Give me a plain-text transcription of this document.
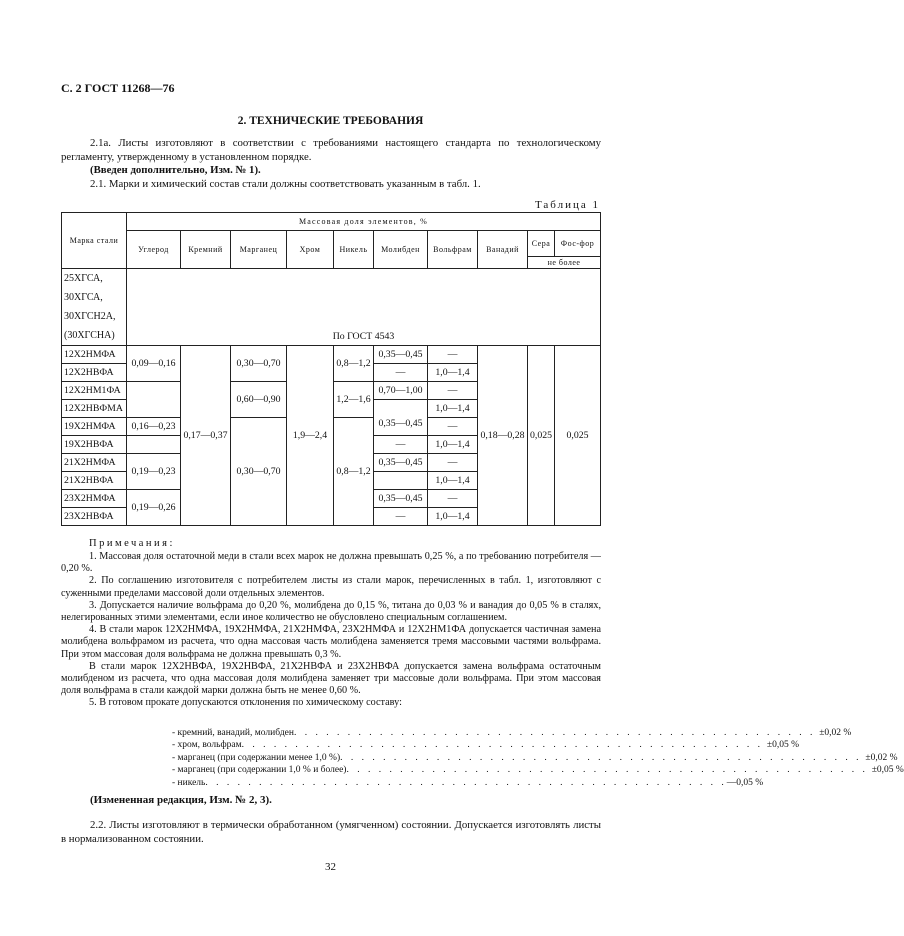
С. 2 ГОСТ 11268—76
2. ТЕХНИЧЕСКИЕ ТРЕБОВАНИЯ

2.1а. Листы изготовляют в соответствии с требованиями настоящего стандарта по технологическому регламенту, утвержденному в установленном порядке.

(Введен дополнительно, Изм. № 1).

2.1. Марки и химический состав стали должны соответствовать указанным в табл. 1.

Таблица 1
Марка стали	Массовая доля элементов, %									
	Углерод	Кремний	Марганец	Хром	Никель	Молибден	Вольфрам	Ванадий	Сера	Фос-фор
									не более	

25ХГСА,
30ХГСА,
30ХГСН2А,
(30ХГСНА)	По ГОСТ 4543									
12Х2НМФА	0,09—0,16	0,17—0,37	0,30—0,70	1,9—2,4	0,8—1,2	0,35—0,45	—	0,18—0,28	0,025	0,025
12Х2НВФА						—	1,0—1,4			
12Х2НМ1ФА			0,60—0,90		1,2—1,6	0,70—1,00	—			
12Х2НВФМА							1,0—1,4			
19Х2НМФА	0,16—0,23		0,30—0,70		0,8—1,2	0,35—0,45	—			
19Х2НВФА						—	1,0—1,4			
21Х2НМФА	0,19—0,23					0,35—0,45	—			
21Х2НВФА							1,0—1,4			
23Х2НМФА	0,19—0,26					0,35—0,45	—			
23Х2НВФА						—	1,0—1,4			
Примечания:

1. Массовая доля остаточной меди в стали всех марок не должна превышать 0,25 %, а по требованию потребителя — 0,20 %.

2. По соглашению изготовителя с потребителем листы из стали марок, перечисленных в табл. 1, изготовляют с суженными пределами массовой доли отдельных элементов.

3. Допускается наличие вольфрама до 0,20 %, молибдена до 0,15 %, титана до 0,03 % и ванадия до 0,05 % в сталях, нелегированных этими элементами, если иное количество не обусловлено специальным соглашением.

4. В стали марок 12Х2НМФА, 19Х2НМФА, 21Х2НМФА, 23Х2НМФА и 12Х2НМ1ФА допускается частичная замена молибдена вольфрамом из расчета, что одна массовая часть молибдена заменяется тремя массовыми частями вольфрама. При этом массовая доля вольфрама не должна превышать 0,3 %.

В стали марок 12Х2НВФА, 19Х2НВФА, 21Х2НВФА и 23Х2НВФА допускается замена вольфрама остаточным молибденом из расчета, что одна массовая доля молибдена заменяет три массовые доли вольфрама. При этом массовая доля вольфрама в стали каждой марки должна быть не менее 0,60 %.

5. В готовом прокате допускаются отклонения по химическому составу:

- кремний, ванадий, молибден . . . . . . . . . . . . . . . . . . . . . . . . . . . . . . . . . . . . . . . . . . . . . . . . . ±0,02 %
- хром, вольфрам . . . . . . . . . . . . . . . . . . . . . . . . . . . . . . . . . . . . . . . . . . . . . . . . . ±0,05 %
- марганец (при содержании менее 1,0 %) . . . . . . . . . . . . . . . . . . . . . . . . . . . . . . . . . . . . . . . . . . . . . . . . . ±0,02 %
- марганец (при содержании 1,0 % и более) . . . . . . . . . . . . . . . . . . . . . . . . . . . . . . . . . . . . . . . . . . . . . . . . . ±0,05 %
- никель . . . . . . . . . . . . . . . . . . . . . . . . . . . . . . . . . . . . . . . . . . . . . . . . . —0,05 %
(Измененная редакция, Изм. № 2, 3).

2.2. Листы изготовляют в термически обработанном (умягченном) состоянии. Допускается изготовлять листы в нормализованном состоянии.

32
